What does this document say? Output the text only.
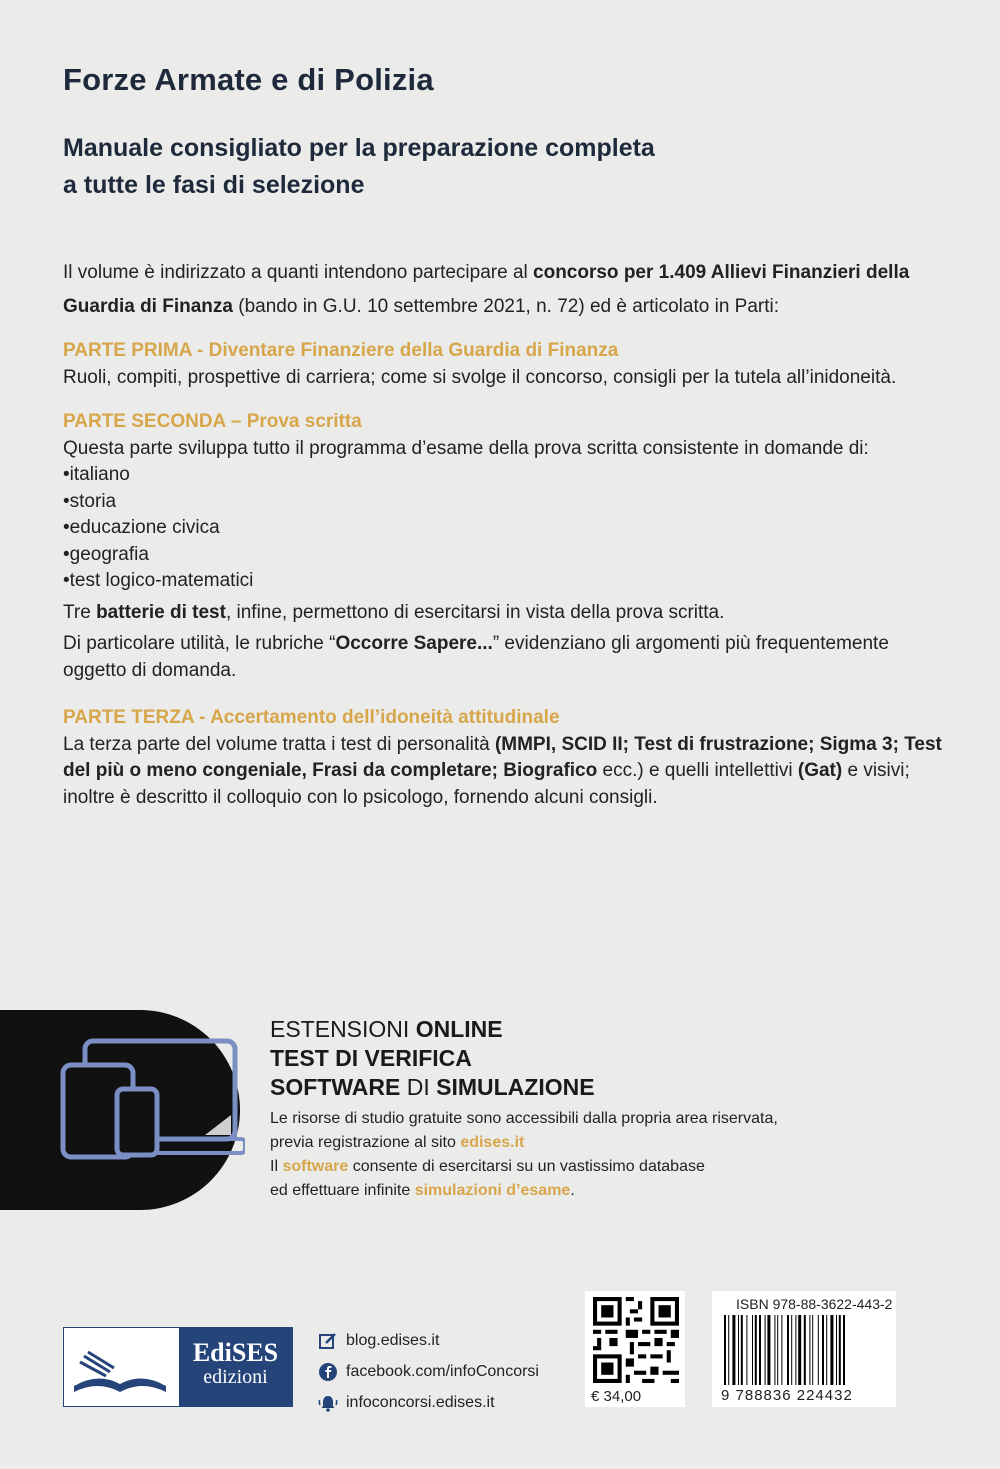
Forze Armate e di Polizia
Manuale consigliato per la preparazione completa
a tutte le fasi di selezione
Il volume è indirizzato a quanti intendono partecipare al concorso per 1.409 Allievi Finanzieri della Guardia di Finanza (bando in G.U. 10 settembre 2021, n. 72) ed è articolato in Parti:
PARTE PRIMA - Diventare Finanziere della Guardia di Finanza
Ruoli, compiti, prospettive di carriera; come si svolge il concorso, consigli per la tutela all’inidoneità.
PARTE SECONDA – Prova scritta
Questa parte sviluppa tutto il programma d’esame della prova scritta consistente in domande di:
• italiano
• storia
• educazione civica
• geografia
• test logico-matematici
Tre batterie di test, infine, permettono di esercitarsi in vista della prova scritta.
Di particolare utilità, le rubriche “Occorre Sapere...” evidenziano gli argomenti più frequentemente oggetto di domanda.
PARTE TERZA - Accertamento dell’idoneità attitudinale
La terza parte del volume tratta i test di personalità (MMPI, SCID II; Test di frustrazione; Sigma 3; Test del più o meno congeniale, Frasi da completare; Biografico ecc.) e quelli intellettivi (Gat) e visivi; inoltre è descritto il colloquio con lo psicologo, fornendo alcuni consigli.
ESTENSIONI ONLINE
TEST DI VERIFICA
SOFTWARE DI SIMULAZIONE
Le risorse di studio gratuite sono accessibili dalla propria area riservata,
previa registrazione al sito edises.it
Il software consente di esercitarsi su un vastissimo database
ed effettuare infinite simulazioni d’esame.
EdiSES
edizioni
blog.edises.it
facebook.com/infoConcorsi
infoconcorsi.edises.it	€ 34,00
ISBN 978-88-3622-443-2
9 788836 224432
